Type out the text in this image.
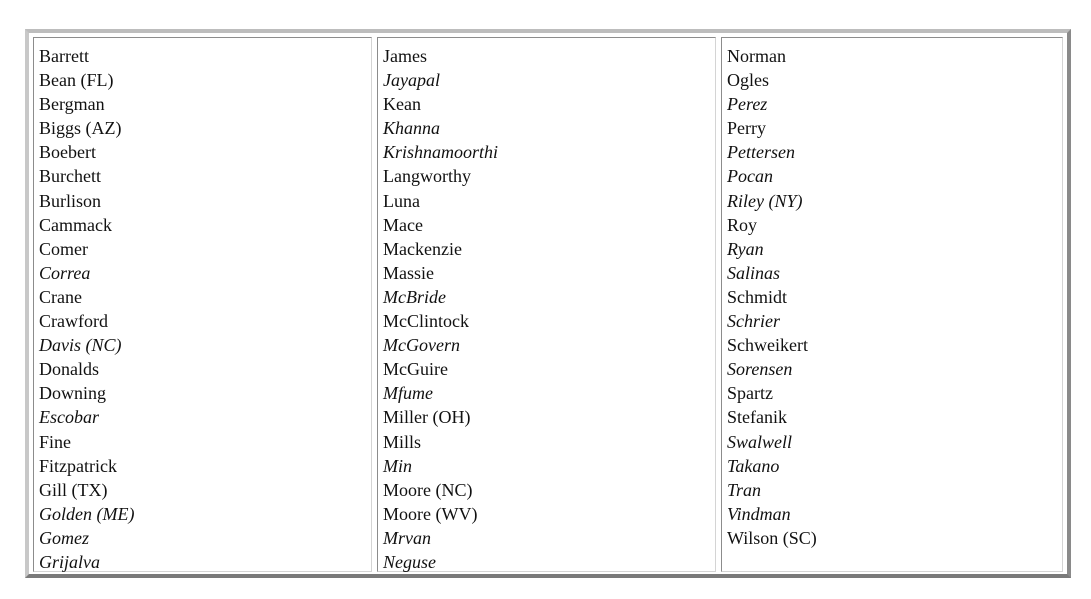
Barrett
Bean (FL)
Bergman
Biggs (AZ)
Boebert
Burchett
Burlison
Cammack
Comer
Correa
Crane
Crawford
Davis (NC)
Donalds
Downing
Escobar
Fine
Fitzpatrick
Gill (TX)
Golden (ME)
Gomez
Grijalva
James
Jayapal
Kean
Khanna
Krishnamoorthi
Langworthy
Luna
Mace
Mackenzie
Massie
McBride
McClintock
McGovern
McGuire
Mfume
Miller (OH)
Mills
Min
Moore (NC)
Moore (WV)
Mrvan
Neguse
Norman
Ogles
Perez
Perry
Pettersen
Pocan
Riley (NY)
Roy
Ryan
Salinas
Schmidt
Schrier
Schweikert
Sorensen
Spartz
Stefanik
Swalwell
Takano
Tran
Vindman
Wilson (SC)
